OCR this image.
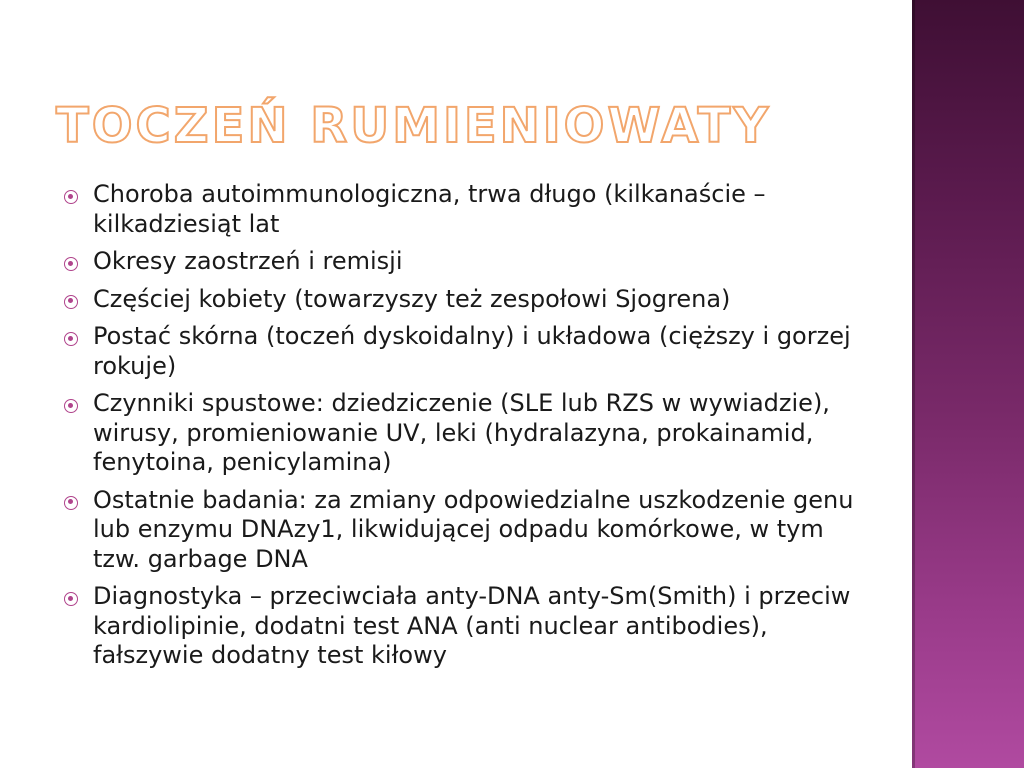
TOCZEŃ RUMIENIOWATY
Choroba autoimmunologiczna, trwa długo (kilkanaście – kilkadziesiąt lat
Okresy zaostrzeń i remisji
Częściej kobiety (towarzyszy też zespołowi Sjogrena)
Postać skórna (toczeń dyskoidalny) i układowa (cięższy i gorzej rokuje)
Czynniki spustowe: dziedziczenie (SLE lub RZS w wywiadzie), wirusy, promieniowanie UV, leki (hydralazyna, prokainamid, fenytoina, penicylamina)
Ostatnie badania: za zmiany odpowiedzialne uszkodzenie genu lub enzymu DNAzy1, likwidującej odpadu komórkowe, w tym tzw. garbage DNA
Diagnostyka – przeciwciała anty-DNA anty-Sm(Smith) i przeciw kardiolipinie, dodatni test ANA (anti nuclear antibodies), fałszywie dodatny test kiłowy
